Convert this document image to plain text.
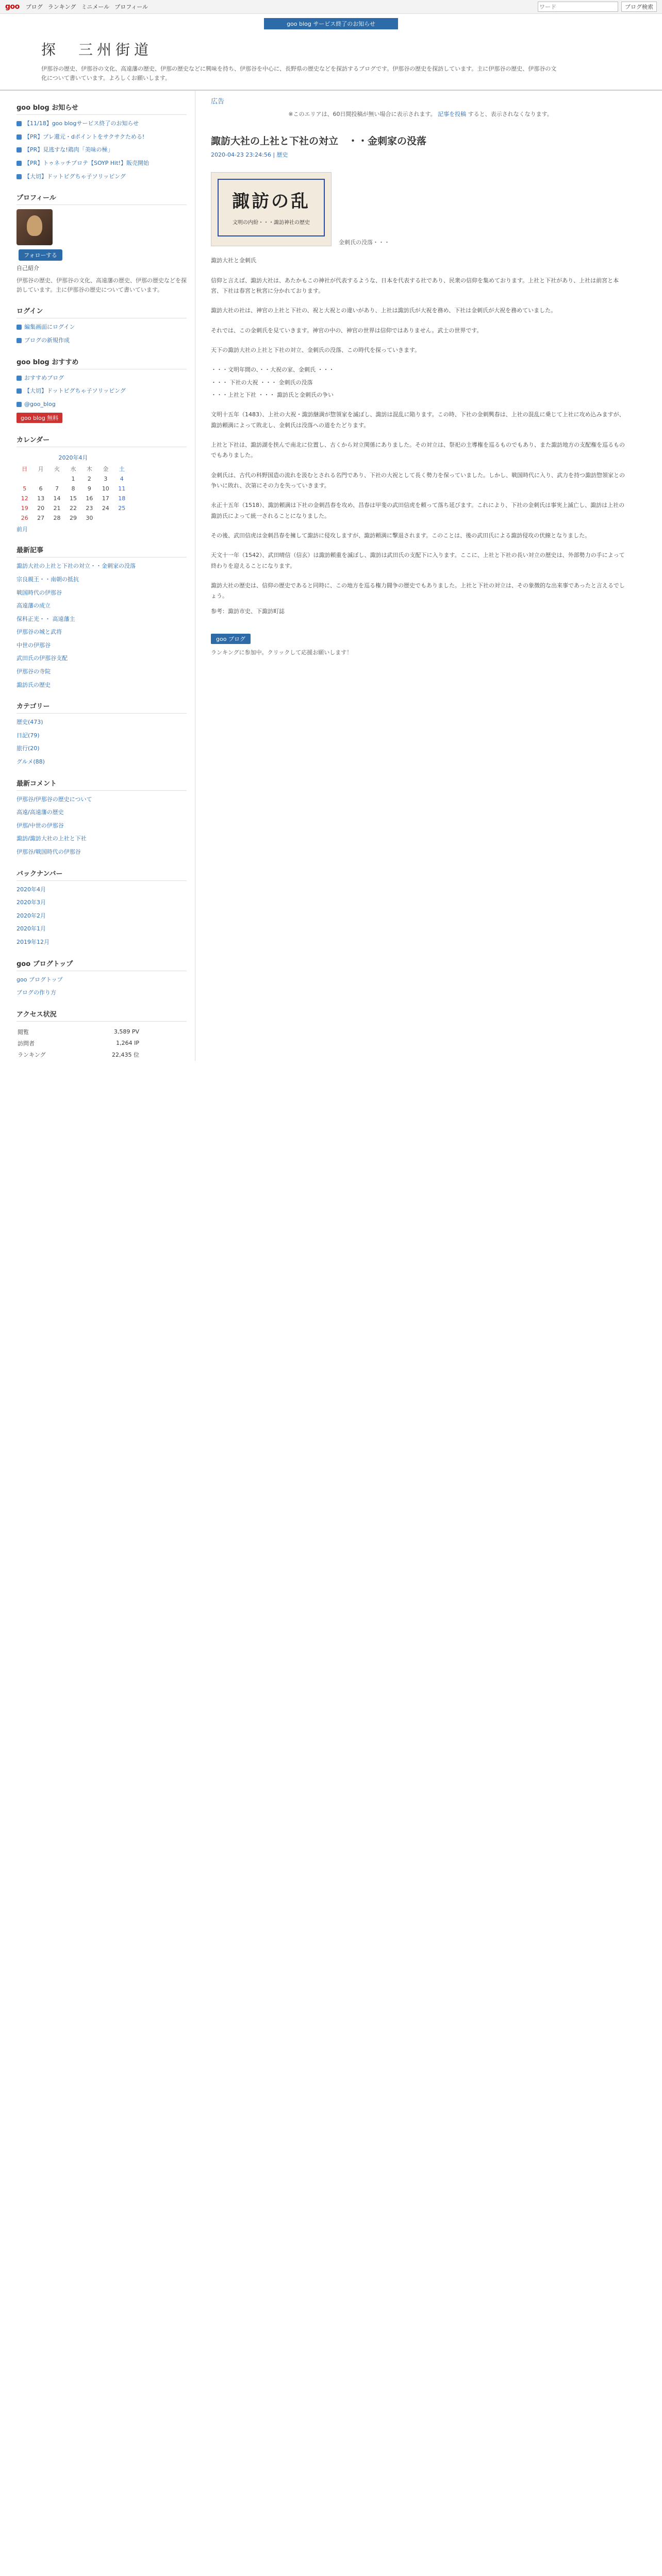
goo ブログ ランキング ミニメール プロフィール
ワード	ブログ検索
goo blog サービス終了のお知らせ
探　三州街道
伊那谷の歴史、伊那谷の文化、高遠藩の歴史、伊那の歴史などに興味を持ち、伊那谷を中心に、長野県の歴史などを探訪するブログです。伊那谷の歴史を探訪しています。主に伊那谷の歴史、伊那谷の文化について書いています。よろしくお願いします。
goo blog お知らせ
【11/18】goo blogサービス終了のお知らせ
【PR】プレ還元・dポイントをサクサクためる!
【PR】見逃すな!鶏肉「美味の極」
【PR】トゥネッチプロテ【SOYP Hit!】販売開始
【大切】ドットピグちゃ子ソリッピング
プロフィール
フォローする
自己紹介
伊那谷の歴史、伊那谷の文化、高遠藩の歴史、伊那の歴史などを探訪しています。主に伊那谷の歴史について書いています。
ログイン
編集画面にログイン
ブログの新規作成
goo blog おすすめ
おすすめブログ
【大切】ドットピグちゃ子ソリッピング
@goo_blog
goo blog 無料
カレンダー
2020年4月
日	月	火	水	木	金	土
			1	2	3	4
5	6	7	8	9	10	11
12	13	14	15	16	17	18
19	20	21	22	23	24	25
26	27	28	29	30		
前月
最新記事
諏訪大社の上社と下社の対立・・金刺家の没落
宗良親王・・南朝の抵抗
戦国時代の伊那谷
高遠藩の成立
保科正光・・ 高遠藩主
伊那谷の城と武将
中世の伊那谷
武田氏の伊那谷支配
伊那谷の寺院
諏訪氏の歴史
カテゴリー
歴史(473)
日記(79)
旅行(20)
グルメ(88)
最新コメント
伊那谷/伊那谷の歴史について
高遠/高遠藩の歴史
伊那/中世の伊那谷
諏訪/諏訪大社の上社と下社
伊那谷/戦国時代の伊那谷
バックナンバー
2020年4月
2020年3月
2020年2月
2020年1月
2019年12月
goo ブログトップ
goo ブログトップ
ブログの作り方
アクセス状況
閲覧	3,589 PV
訪問者	1,264 IP
ランキング	22,435 位
広告
※このエリアは、60日間投稿が無い場合に表示されます。 記事を投稿 すると、表示されなくなります。
諏訪大社の上社と下社の対立　・・金刺家の没落
2020-04-23 23:24:56 | 歴史
諏訪の乱
文明の内紛・・・諏訪神社の歴史
金刺氏の没落・・・
諏訪大社と金刺氏
信仰と言えば、諏訪大社は、あたかもこの神社が代表するような、日本を代表する社であり、民衆の信仰を集めております。上社と下社があり、上社は前宮と本宮、下社は春宮と秋宮に分かれております。
諏訪大社の社は、神官の上社と下社の、祝と大祝との違いがあり、上社は諏訪氏が大祝を務め、下社は金刺氏が大祝を務めていました。
それでは、この金刺氏を見ていきます。神官の中の、神官の世界は信仰ではありません。武士の世界です。
天下の諏訪大社の上社と下社の対立、金刺氏の没落、この時代を探っていきます。
・・・文明年間の、・・大祝の家、金刺氏 ・・・
・・・ 下社の大祝 ・・・ 金刺氏の没落
・・・上社と下社 ・・・ 諏訪氏と金刺氏の争い
文明十五年（1483）、上社の大祝・諏訪継満が惣領家を滅ぼし、諏訪は混乱に陥ります。この時、下社の金刺興春は、上社の混乱に乗じて上社に攻め込みますが、諏訪頼満によって敗北し、金刺氏は没落への道をたどります。
上社と下社は、諏訪湖を挟んで南北に位置し、古くから対立関係にありました。その対立は、祭祀の主導権を巡るものでもあり、また諏訪地方の支配権を巡るものでもありました。
金刺氏は、古代の科野国造の流れを汲むとされる名門であり、下社の大祝として長く勢力を保っていました。しかし、戦国時代に入り、武力を持つ諏訪惣領家との争いに敗れ、次第にその力を失っていきます。
永正十五年（1518）、諏訪頼満は下社の金刺昌春を攻め、昌春は甲斐の武田信虎を頼って落ち延びます。これにより、下社の金刺氏は事実上滅亡し、諏訪は上社の諏訪氏によって統一されることになりました。
その後、武田信虎は金刺昌春を擁して諏訪に侵攻しますが、諏訪頼満に撃退されます。このことは、後の武田氏による諏訪侵攻の伏線となりました。
天文十一年（1542）、武田晴信（信玄）は諏訪頼重を滅ぼし、諏訪は武田氏の支配下に入ります。ここに、上社と下社の長い対立の歴史は、外部勢力の手によって終わりを迎えることになります。
諏訪大社の歴史は、信仰の歴史であると同時に、この地方を巡る権力闘争の歴史でもありました。上社と下社の対立は、その象徴的な出来事であったと言えるでしょう。
参考：諏訪市史、下諏訪町誌
goo ブログ
ランキングに参加中。クリックして応援お願いします！
